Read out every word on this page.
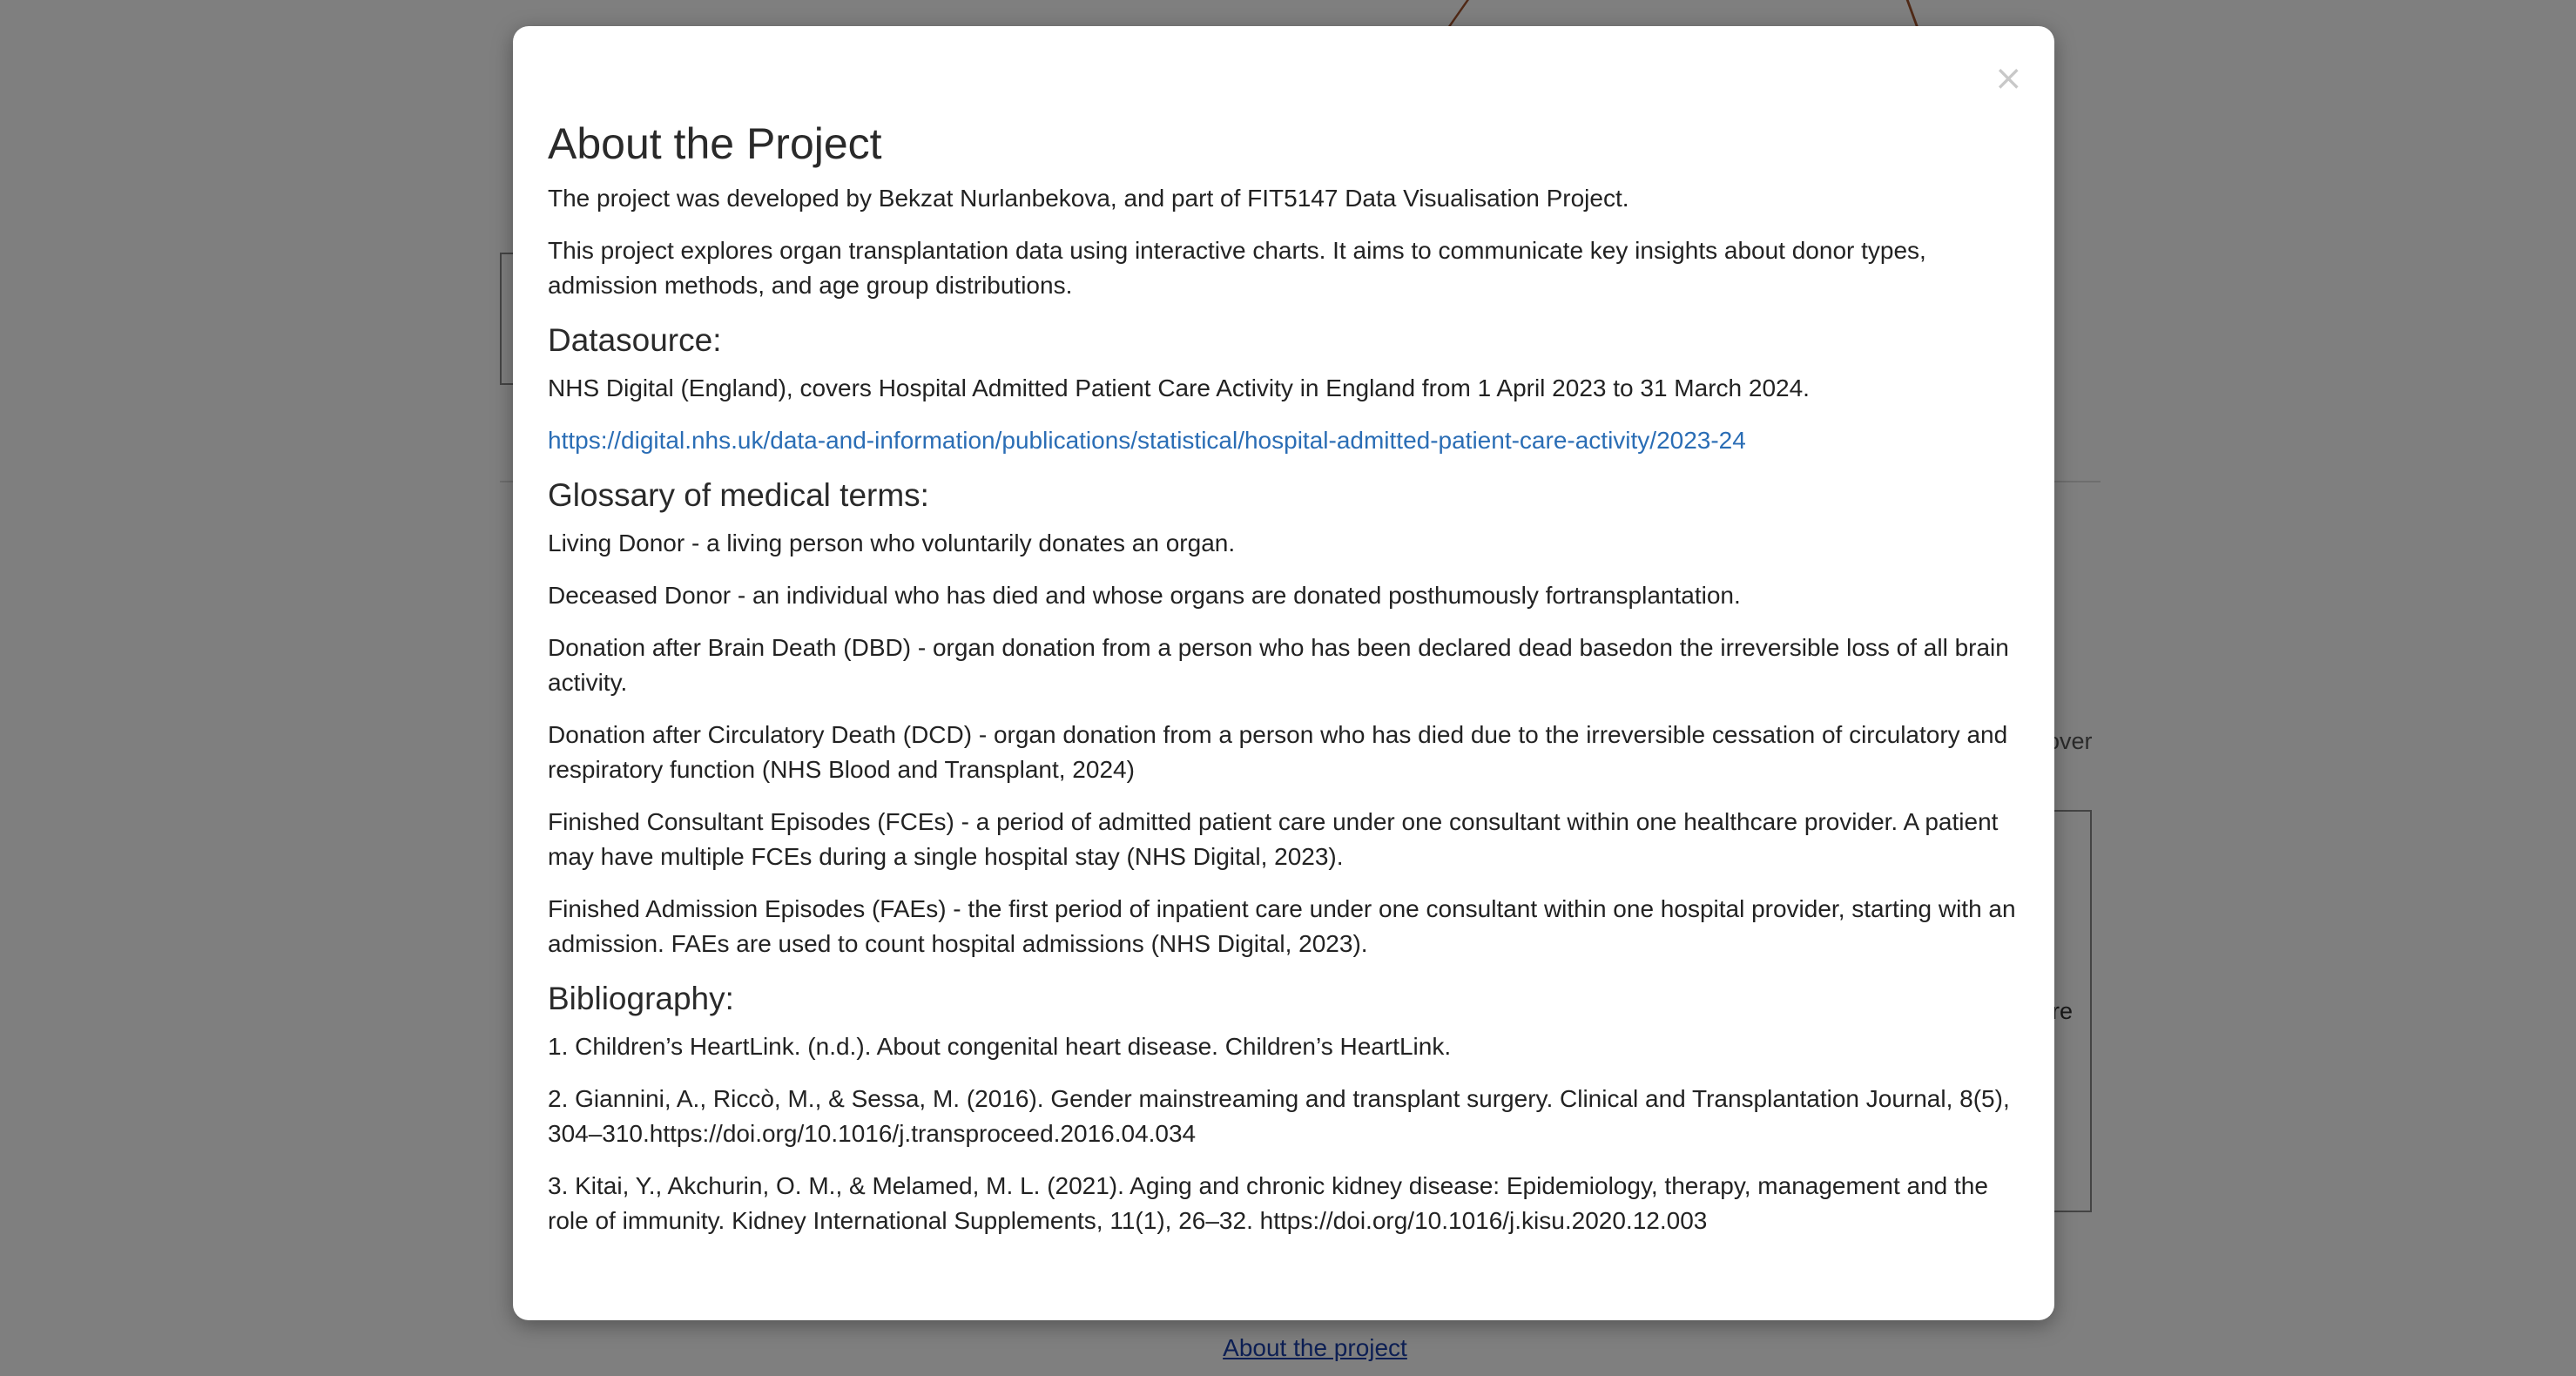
×
About the Project

The project was developed by Bekzat Nurlanbekova, and part of FIT5147 Data Visualisation Project.

This project explores organ transplantation data using interactive charts. It aims to communicate key insights about donor types, admission methods, and age group distributions.

Datasource:

NHS Digital (England), covers Hospital Admitted Patient Care Activity in England from 1 April 2023 to 31 March 2024.

https://digital.nhs.uk/data-and-information/publications/statistical/hospital-admitted-patient-care-activity/2023-24

Glossary of medical terms:

Living Donor - a living person who voluntarily donates an organ.

Deceased Donor - an individual who has died and whose organs are donated posthumously fortransplantation.

Donation after Brain Death (DBD) - organ donation from a person who has been declared dead basedon the irreversible loss of all brain activity.

Donation after Circulatory Death (DCD) - organ donation from a person who has died due to the irreversible cessation of circulatory and respiratory function (NHS Blood and Transplant, 2024)

Finished Consultant Episodes (FCEs) - a period of admitted patient care under one consultant within one healthcare provider. A patient may have multiple FCEs during a single hospital stay (NHS Digital, 2023).

Finished Admission Episodes (FAEs) - the first period of inpatient care under one consultant within one hospital provider, starting with an admission. FAEs are used to count hospital admissions (NHS Digital, 2023).

Bibliography:

1. Children’s HeartLink. (n.d.). About congenital heart disease. Children’s HeartLink.

2. Giannini, A., Riccò, M., & Sessa, M. (2016). Gender mainstreaming and transplant surgery. Clinical and Transplantation Journal, 8(5), 304–310.https://doi.org/10.1016/j.transproceed.2016.04.034

3. Kitai, Y., Akchurin, O. M., & Melamed, M. L. (2021). Aging and chronic kidney disease: Epidemiology, therapy, management and the role of immunity. Kidney International Supplements, 11(1), 26–32. https://doi.org/10.1016/j.kisu.2020.12.003
